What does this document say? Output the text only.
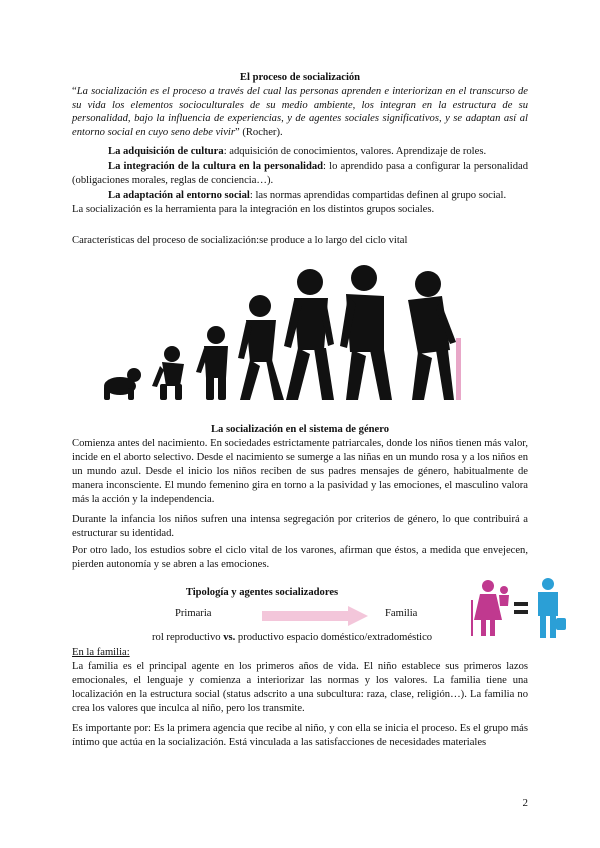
El proceso de socialización

“La socialización es el proceso a través del cual las personas aprenden e interiorizan en el transcurso de su vida los elementos socioculturales de su medio ambiente, los integran en la estructura de su personalidad, bajo la influencia de experiencias, y de agentes sociales significativos, y se adaptan así al entorno social en cuyo seno debe vivir” (Rocher).

La adquisición de cultura: adquisición de conocimientos, valores. Aprendizaje de roles.

La integración de la cultura en la personalidad: lo aprendido pasa a configurar la personalidad (obligaciones morales, reglas de conciencia…).

La adaptación al entorno social: las normas aprendidas compartidas definen al grupo social.

La socialización es la herramienta para la integración en los distintos grupos sociales.

Características del proceso de socialización:se produce a lo largo del ciclo vital

La socialización en el sistema de género

Comienza antes del nacimiento. En sociedades estrictamente patriarcales, donde los niños tienen más valor, incide en el aborto selectivo. Desde el nacimiento se sumerge a las niñas en un mundo rosa y a los niños en un mundo azul. Desde el inicio los niños reciben de sus padres mensajes de género, habitualmente de manera inconsciente. El mundo femenino gira en torno a la pasividad y las emociones, el masculino valora más la acción y la independencia.

Durante la infancia los niños sufren una intensa segregación por criterios de género, lo que contribuirá a estructurar su identidad.

Por otro lado, los estudios sobre el ciclo vital de los varones, afirman que éstos, a medida que envejecen, pierden autonomía y se abren a las emociones.

Tipología y agentes socializadores

Primaria	Familia

rol reproductivo vs. productivo espacio doméstico/extradoméstico

En la familia:

La familia es el principal agente en los primeros años de vida. El niño establece sus primeros lazos emocionales, el lenguaje y comienza a interiorizar las normas y los valores. La familia tiene una localización en la estructura social (status adscrito a una subcultura: raza, clase, religión…). La familia no crea los valores que inculca al niño, pero los transmite.

Es importante por: Es la primera agencia que recibe al niño, y con ella se inicia el proceso. Es el grupo más íntimo que actúa en la socialización. Está vinculada a las satisfacciones de necesidades materiales

2
